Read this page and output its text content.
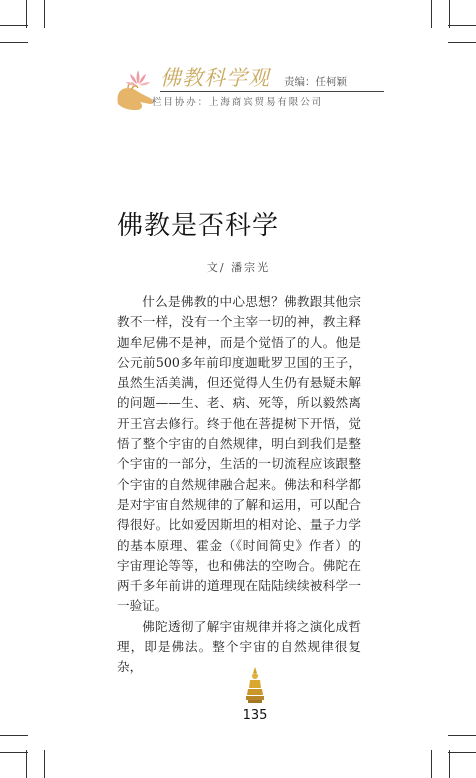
佛教科学观 责编：任柯颖
栏目协办：上海商宾贸易有限公司
佛教是否科学
文/ 潘宗光

什么是佛教的中心思想？佛教跟其他宗教不一样，没有一个主宰一切的神，教主释迦牟尼佛不是神，而是个觉悟了的人。他是公元前500多年前印度迦毗罗卫国的王子，虽然生活美满，但还觉得人生仍有悬疑未解的问题——生、老、病、死等，所以毅然离开王宫去修行。终于他在菩提树下开悟，觉悟了整个宇宙的自然规律，明白到我们是整个宇宙的一部分，生活的一切流程应该跟整个宇宙的自然规律融合起来。佛法和科学都是对宇宙自然规律的了解和运用，可以配合得很好。比如爱因斯坦的相对论、量子力学的基本原理、霍金（《时间简史》作者）的宇宙理论等等，也和佛法的空吻合。佛陀在两千多年前讲的道理现在陆陆续续被科学一一验证。

佛陀透彻了解宇宙规律并将之演化成哲理，即是佛法。整个宇宙的自然规律很复杂，

135
